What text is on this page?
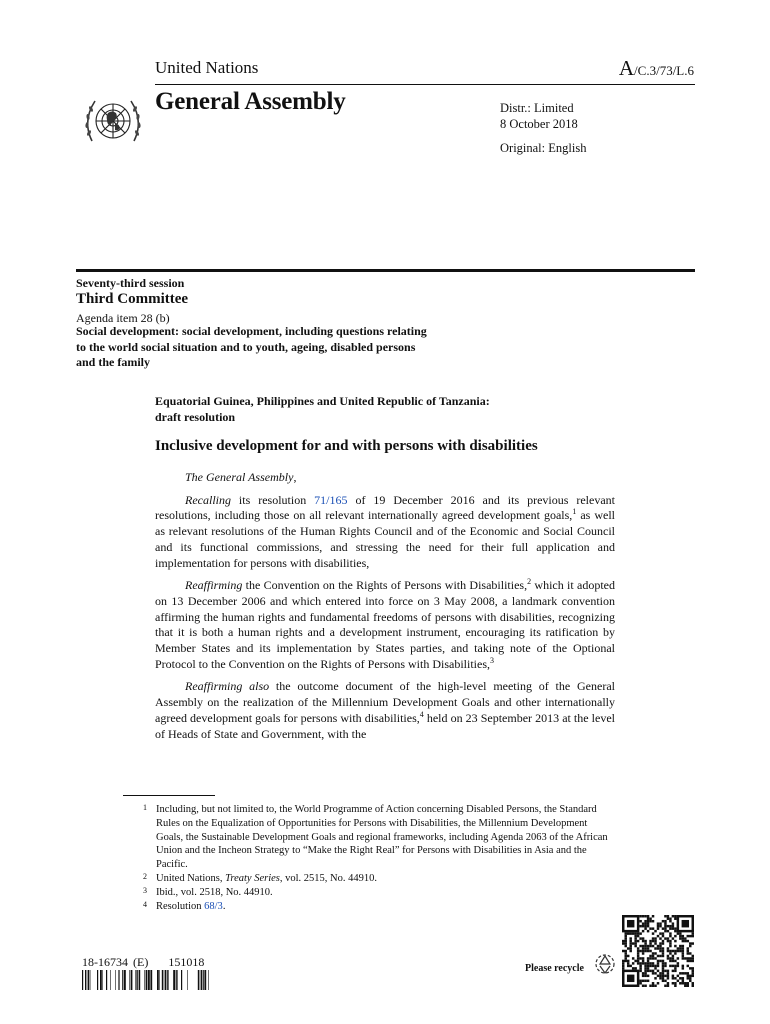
United Nations	A/C.3/73/L.6
General Assembly	Distr.: Limited
8 October 2018
Original: English
Seventy-third session
Third Committee
Agenda item 28 (b)
Social development: social development, including questions relating to the world social situation and to youth, ageing, disabled persons and the family
Equatorial Guinea, Philippines and United Republic of Tanzania:
draft resolution
Inclusive development for and with persons with disabilities

The General Assembly,

Recalling its resolution 71/165 of 19 December 2016 and its previous relevant resolutions, including those on all relevant internationally agreed development goals,$^1$ as well as relevant resolutions of the Human Rights Council and of the Economic and Social Council and its functional commissions, and stressing the need for their full application and implementation for persons with disabilities,

Reaffirming the Convention on the Rights of Persons with Disabilities,$^2$ which it adopted on 13 December 2006 and which entered into force on 3 May 2008, a landmark convention affirming the human rights and fundamental freedoms of persons with disabilities, recognizing that it is both a human rights and a development instrument, encouraging its ratification by Member States and its implementation by States parties, and taking note of the Optional Protocol to the Convention on the Rights of Persons with Disabilities,$^3$

Reaffirming also the outcome document of the high-level meeting of the General Assembly on the realization of the Millennium Development Goals and other internationally agreed development goals for persons with disabilities,$^4$ held on 23 September 2013 at the level of Heads of State and Government, with the

1 Including, but not limited to, the World Programme of Action concerning Disabled Persons, the Standard Rules on the Equalization of Opportunities for Persons with Disabilities, the Millennium Development Goals, the Sustainable Development Goals and regional frameworks, including Agenda 2063 of the African Union and the Incheon Strategy to “Make the Right Real” for Persons with Disabilities in Asia and the Pacific.
2 United Nations, Treaty Series, vol. 2515, No. 44910.
3 Ibid., vol. 2518, No. 44910.
4 Resolution 68/3.
18-16734 (E)    151018	Please recycle
